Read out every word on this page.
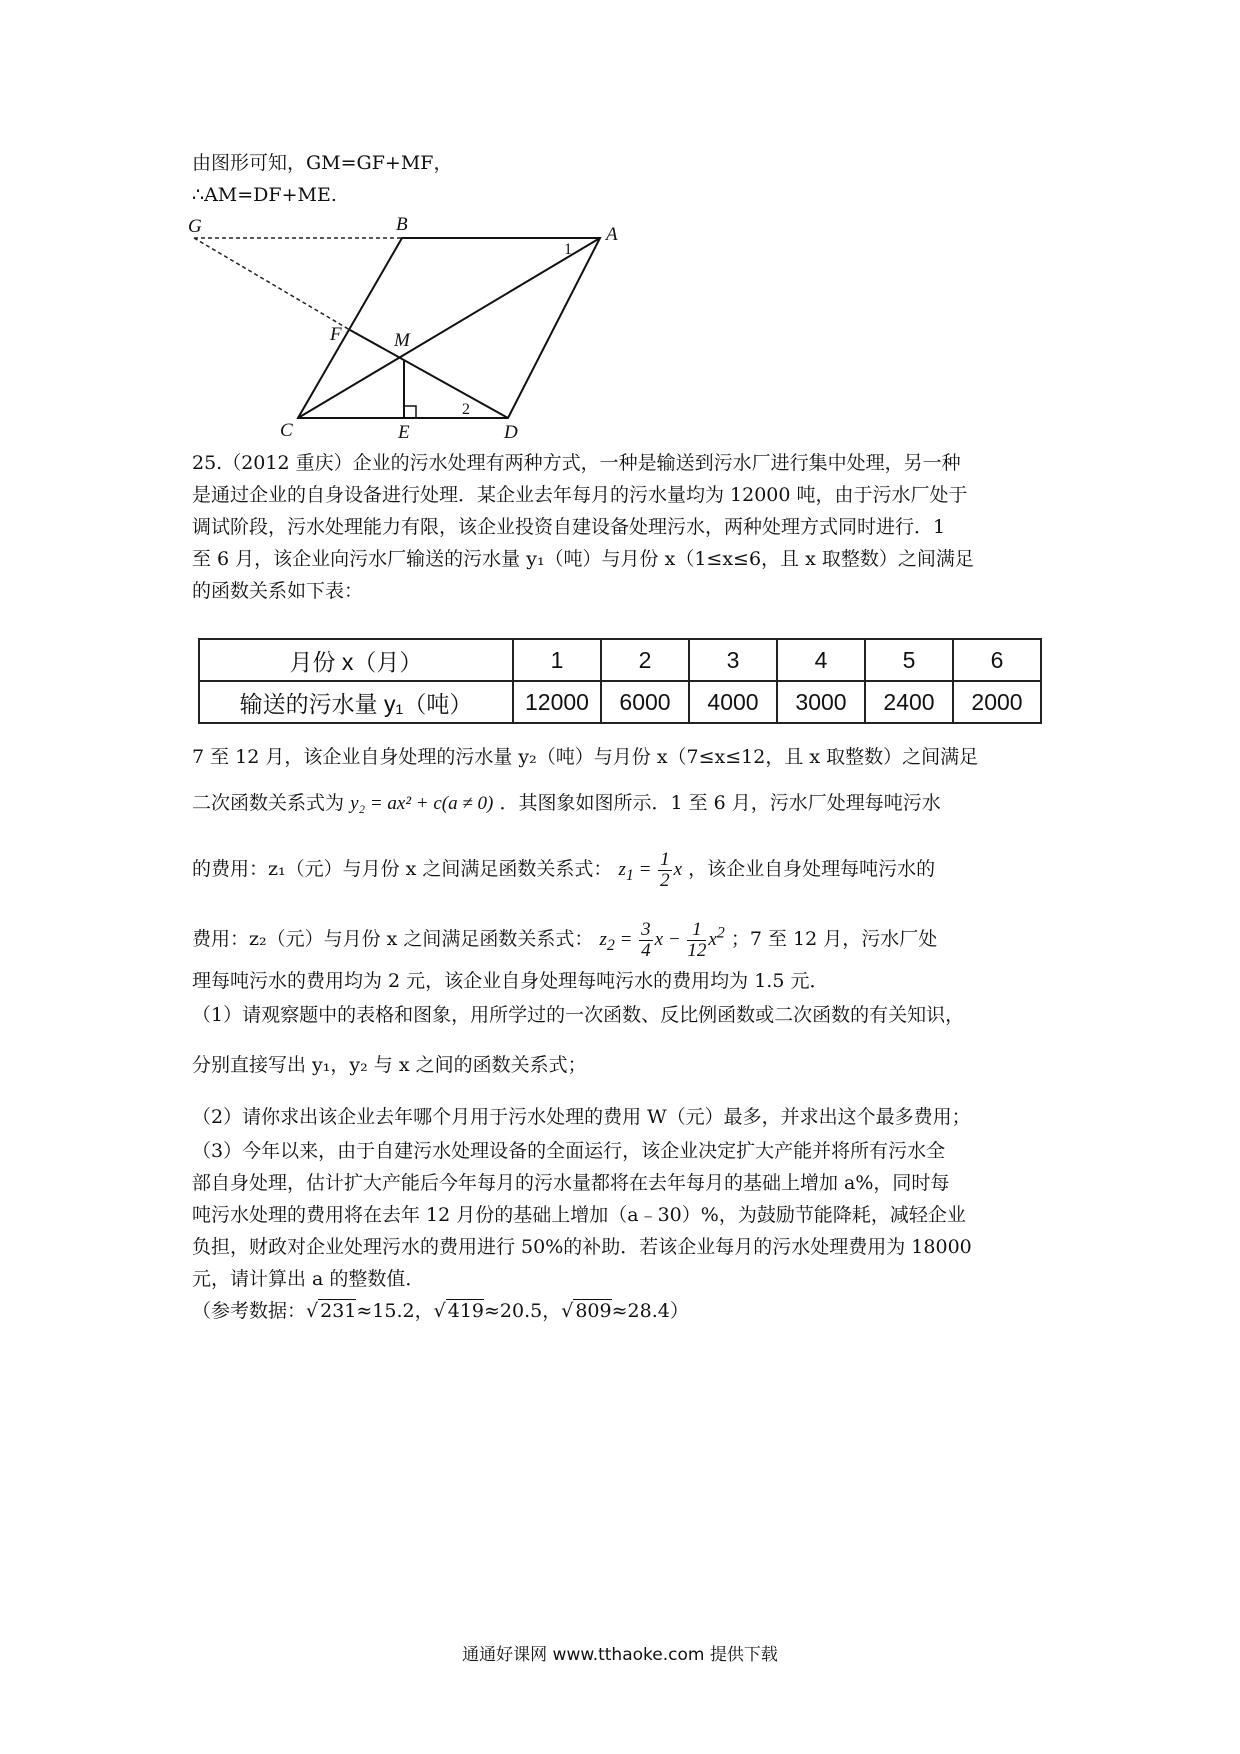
由图形可知，GM=GF+MF，
∴AM=DF+ME.
G	B	A
F	M
C	E	D
1
2
25.（2012 重庆）企业的污水处理有两种方式，一种是输送到污水厂进行集中处理，另一种
是通过企业的自身设备进行处理．某企业去年每月的污水量均为 12000 吨，由于污水厂处于
调试阶段，污水处理能力有限，该企业投资自建设备处理污水，两种处理方式同时进行．1
至 6 月，该企业向污水厂输送的污水量 y₁（吨）与月份 x（1≤x≤6，且 x 取整数）之间满足
的函数关系如下表：
月份 x（月）	1	2	3	4	5	6
输送的污水量 y₁（吨）	12000	6000	4000	3000	2400	2000
7 至 12 月，该企业自身处理的污水量 y₂（吨）与月份 x（7≤x≤12，且 x 取整数）之间满足
二次函数关系式为 y₂ = ax² + c(a ≠ 0) ．其图象如图所示．1 至 6 月，污水厂处理每吨污水
的费用：z₁（元）与月份 x 之间满足函数关系式： $z_1 = \frac{1}{2}$ x ，该企业自身处理每吨污水的
费用：z₂（元）与月份 x 之间满足函数关系式： $z_2 = \frac{3}{4}$ $x - \frac{1}{12} x^2$ ；7 至 12 月，污水厂处
理每吨污水的费用均为 2 元，该企业自身处理每吨污水的费用均为 1.5 元．
（1）请观察题中的表格和图象，用所学过的一次函数、反比例函数或二次函数的有关知识，
分别直接写出 y₁，y₂ 与 x 之间的函数关系式；
（2）请你求出该企业去年哪个月用于污水处理的费用 W（元）最多，并求出这个最多费用；
（3）今年以来，由于自建污水处理设备的全面运行，该企业决定扩大产能并将所有污水全
部自身处理，估计扩大产能后今年每月的污水量都将在去年每月的基础上增加 a%，同时每
吨污水处理的费用将在去年 12 月份的基础上增加（a﹣30）%，为鼓励节能降耗，减轻企业
负担，财政对企业处理污水的费用进行 50%的补助．若该企业每月的污水处理费用为 18000
元，请计算出 a 的整数值．
（参考数据：√ 231≈15.2，√ 419≈20.5，√ 809≈28.4）
通通好课网 www.tthaoke.com 提供下载
